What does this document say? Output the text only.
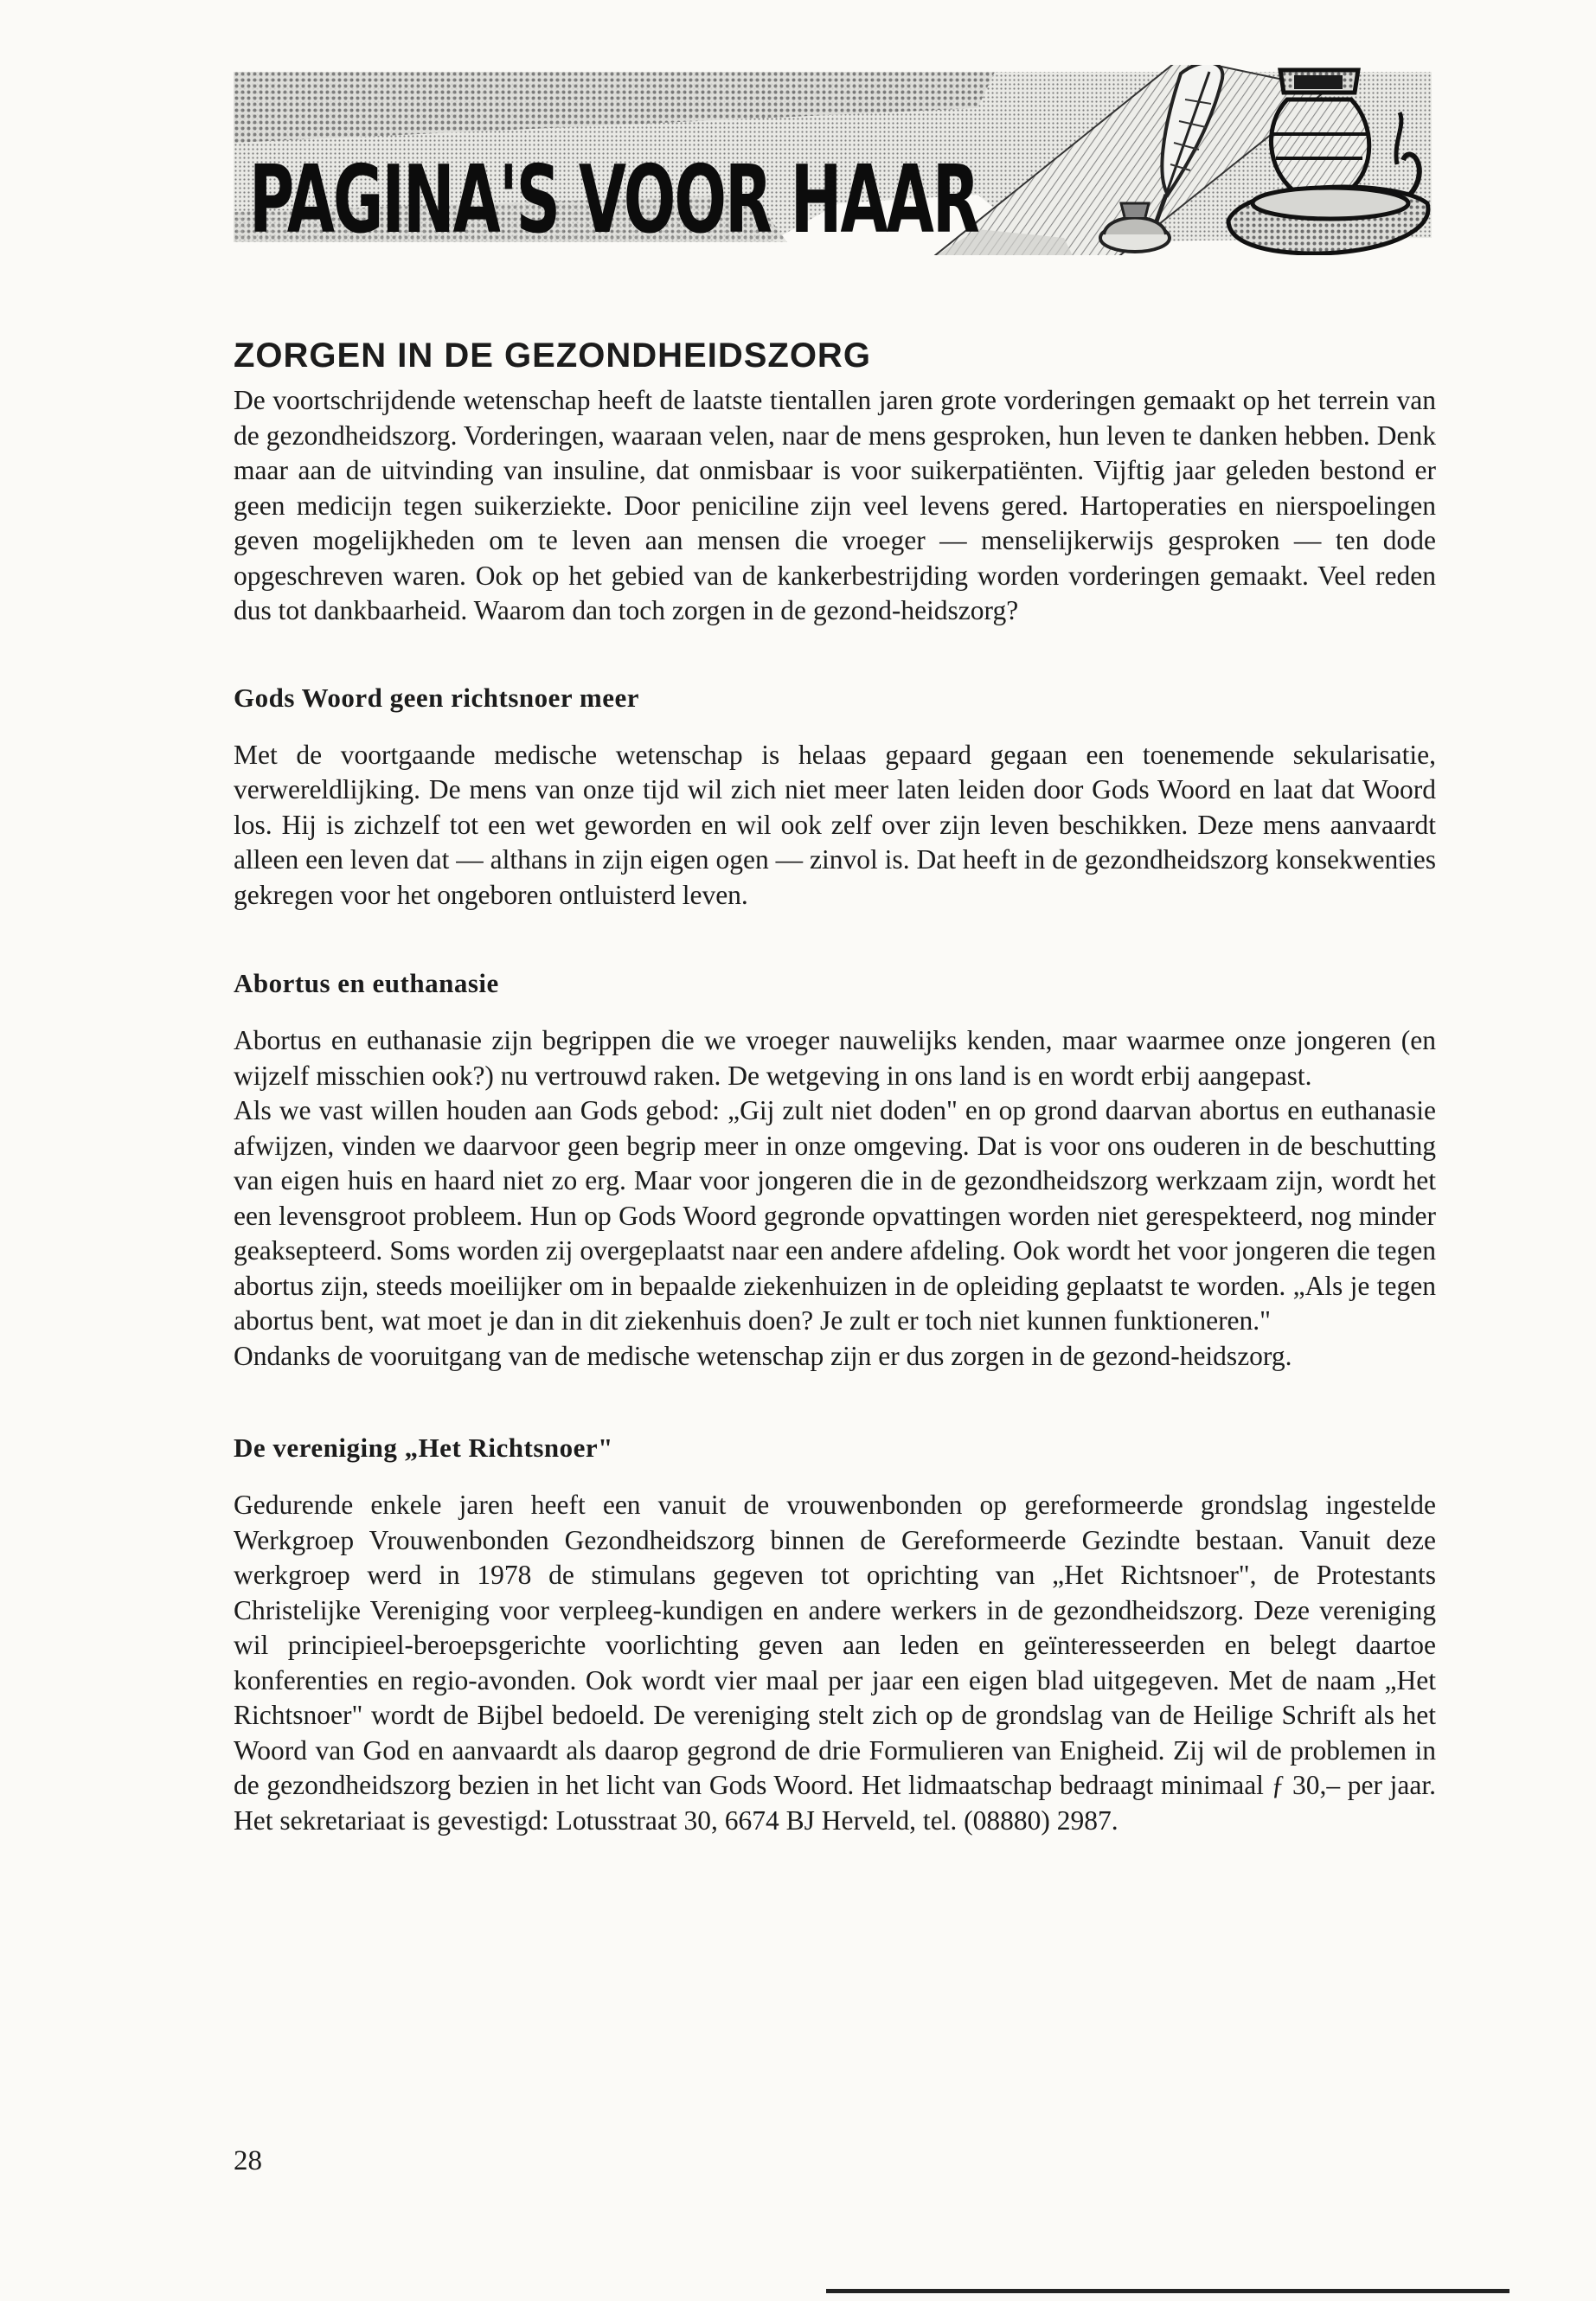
PAGINA'S VOOR HAAR
ZORGEN IN DE GEZONDHEIDSZORG

De voortschrijdende wetenschap heeft de laatste tientallen jaren grote vorderingen gemaakt op het terrein van de gezondheidszorg. Vorderingen, waaraan velen, naar de mens gesproken, hun leven te danken hebben. Denk maar aan de uitvinding van insuline, dat onmisbaar is voor suikerpatiënten. Vijftig jaar geleden bestond er geen medicijn tegen suikerziekte. Door peniciline zijn veel levens gered. Hartoperaties en nierspoelingen geven mogelijkheden om te leven aan mensen die vroeger — menselijkerwijs gesproken — ten dode opgeschreven waren. Ook op het gebied van de kankerbestrijding worden vorderingen gemaakt. Veel reden dus tot dankbaarheid. Waarom dan toch zorgen in de gezond-heidszorg?

Gods Woord geen richtsnoer meer

Met de voortgaande medische wetenschap is helaas gepaard gegaan een toenemende sekularisatie, verwereldlijking. De mens van onze tijd wil zich niet meer laten leiden door Gods Woord en laat dat Woord los. Hij is zichzelf tot een wet geworden en wil ook zelf over zijn leven beschikken. Deze mens aanvaardt alleen een leven dat — althans in zijn eigen ogen — zinvol is. Dat heeft in de gezondheidszorg konsekwenties gekregen voor het ongeboren ontluisterd leven.

Abortus en euthanasie

Abortus en euthanasie zijn begrippen die we vroeger nauwelijks kenden, maar waarmee onze jongeren (en wijzelf misschien ook?) nu vertrouwd raken. De wetgeving in ons land is en wordt erbij aangepast.
Als we vast willen houden aan Gods gebod: „Gij zult niet doden" en op grond daarvan abortus en euthanasie afwijzen, vinden we daarvoor geen begrip meer in onze omgeving. Dat is voor ons ouderen in de beschutting van eigen huis en haard niet zo erg. Maar voor jongeren die in de gezondheidszorg werkzaam zijn, wordt het een levensgroot probleem. Hun op Gods Woord gegronde opvattingen worden niet gerespekteerd, nog minder geaksepteerd. Soms worden zij overgeplaatst naar een andere afdeling. Ook wordt het voor jongeren die tegen abortus zijn, steeds moeilijker om in bepaalde ziekenhuizen in de opleiding geplaatst te worden. „Als je tegen abortus bent, wat moet je dan in dit ziekenhuis doen? Je zult er toch niet kunnen funktioneren."
Ondanks de vooruitgang van de medische wetenschap zijn er dus zorgen in de gezond-heidszorg.

De vereniging „Het Richtsnoer"

Gedurende enkele jaren heeft een vanuit de vrouwenbonden op gereformeerde grondslag ingestelde Werkgroep Vrouwenbonden Gezondheidszorg binnen de Gereformeerde Gezindte bestaan. Vanuit deze werkgroep werd in 1978 de stimulans gegeven tot oprichting van „Het Richtsnoer", de Protestants Christelijke Vereniging voor verpleeg-kundigen en andere werkers in de gezondheidszorg. Deze vereniging wil principieel-beroepsgerichte voorlichting geven aan leden en geïnteresseerden en belegt daartoe konferenties en regio-avonden. Ook wordt vier maal per jaar een eigen blad uitgegeven. Met de naam „Het Richtsnoer" wordt de Bijbel bedoeld. De vereniging stelt zich op de grondslag van de Heilige Schrift als het Woord van God en aanvaardt als daarop gegrond de drie Formulieren van Enigheid. Zij wil de problemen in de gezondheidszorg bezien in het licht van Gods Woord. Het lidmaatschap bedraagt minimaal ƒ 30,– per jaar. Het sekretariaat is gevestigd: Lotusstraat 30, 6674 BJ Herveld, tel. (08880) 2987.

28
